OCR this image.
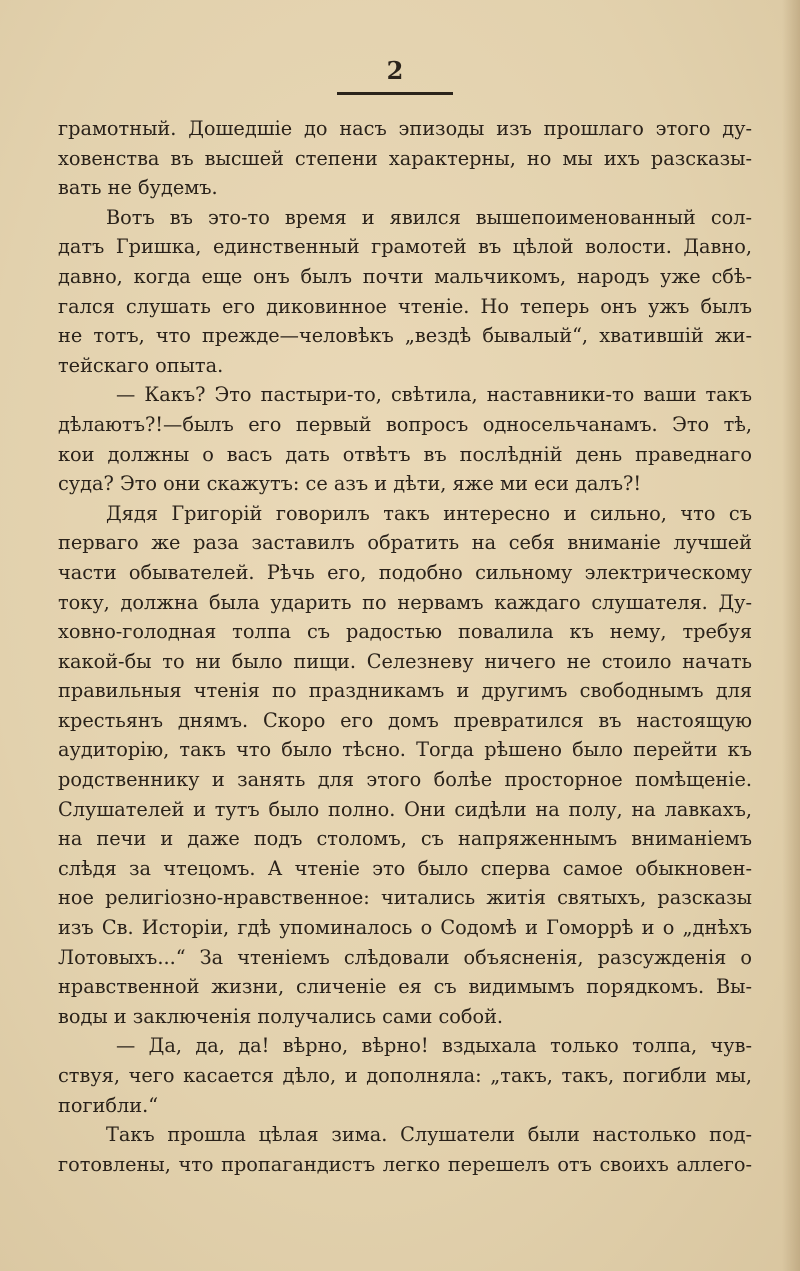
2
грамотный. Дошедшіе до насъ эпизоды изъ прошлаго этого ду-
ховенства въ высшей степени характерны, но мы ихъ разсказы-
вать не будемъ.
Вотъ въ это-то время и явился вышепоименованный сол-
датъ Гришка, единственный грамотей въ цѣлой волости. Давно,
давно, когда еще онъ былъ почти мальчикомъ, народъ уже сбѣ-
гался слушать его диковинное чтеніе. Но теперь онъ ужъ былъ
не тотъ, что прежде—человѣкъ „вездѣ бывалый“, хватившій жи-
тейскаго опыта.
— Какъ? Это пастыри-то, свѣтила, наставники-то ваши такъ
дѣлаютъ?!—былъ его первый вопросъ односельчанамъ. Это тѣ,
кои должны о васъ дать отвѣтъ въ послѣдній день праведнаго
суда? Это они скажутъ: се азъ и дѣти, яже ми еси далъ?!
Дядя Григорій говорилъ такъ интересно и сильно, что съ
перваго же раза заставилъ обратить на себя вниманіе лучшей
части обывателей. Рѣчь его, подобно сильному электрическому
току, должна была ударить по нервамъ каждаго слушателя. Ду-
ховно-голодная толпа съ радостью повалила къ нему, требуя
какой-бы то ни было пищи. Селезневу ничего не стоило начать
правильныя чтенія по праздникамъ и другимъ свободнымъ для
крестьянъ днямъ. Скоро его домъ превратился въ настоящую
аудиторію, такъ что было тѣсно. Тогда рѣшено было перейти къ
родственнику и занять для этого болѣе просторное помѣщеніе.
Слушателей и тутъ было полно. Они сидѣли на полу, на лавкахъ,
на печи и даже подъ столомъ, съ напряженнымъ вниманіемъ
слѣдя за чтецомъ. А чтеніе это было сперва самое обыкновен-
ное религіозно-нравственное: читались житія святыхъ, разсказы
изъ Св. Исторіи, гдѣ упоминалось о Содомѣ и Гоморрѣ и о „днѣхъ
Лотовыхъ...“ За чтеніемъ слѣдовали объясненія, разсужденія о
нравственной жизни, сличеніе ея съ видимымъ порядкомъ. Вы-
воды и заключенія получались сами собой.
— Да, да, да! вѣрно, вѣрно! вздыхала только толпа, чув-
ствуя, чего касается дѣло, и дополняла: „такъ, такъ, погибли мы,
погибли.“
Такъ прошла цѣлая зима. Слушатели были настолько под-
готовлены, что пропагандистъ легко перешелъ отъ своихъ аллего-
